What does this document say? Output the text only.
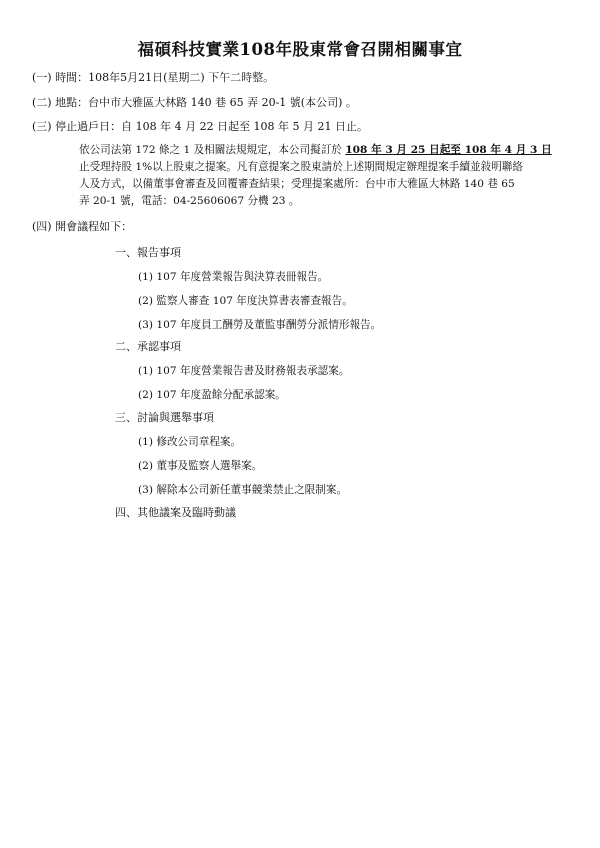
福碩科技實業108年股東常會召開相關事宜
(一) 時間：108年5月21日(星期二) 下午二時整。
(二) 地點：台中市大雅區大林路 140 巷 65 弄 20-1 號(本公司) 。
(三) 停止過戶日：自 108 年 4 月 22 日起至 108 年 5 月 21 日止。
依公司法第 172 條之 1 及相關法規規定，本公司擬訂於 108 年 3 月 25 日起至 108 年 4 月 3 日
止受理持股 1%以上股東之提案。凡有意提案之股東請於上述期間規定辦理提案手續並敍明聯絡
人及方式，以備董事會審查及回覆審查結果；受理提案處所：台中市大雅區大林路 140 巷 65
弄 20-1 號，電話：04-25606067 分機 23 。
(四) 開會議程如下：
一、報告事項
(1) 107 年度營業報告與決算表冊報告。
(2) 監察人審查 107 年度決算書表審查報告。
(3) 107 年度員工酬勞及董監事酬勞分派情形報告。
二、承認事項
(1) 107 年度營業報告書及財務報表承認案。
(2) 107 年度盈餘分配承認案。
三、討論與選舉事項
(1) 修改公司章程案。
(2) 董事及監察人選舉案。
(3) 解除本公司新任董事競業禁止之限制案。
四、其他議案及臨時動議
